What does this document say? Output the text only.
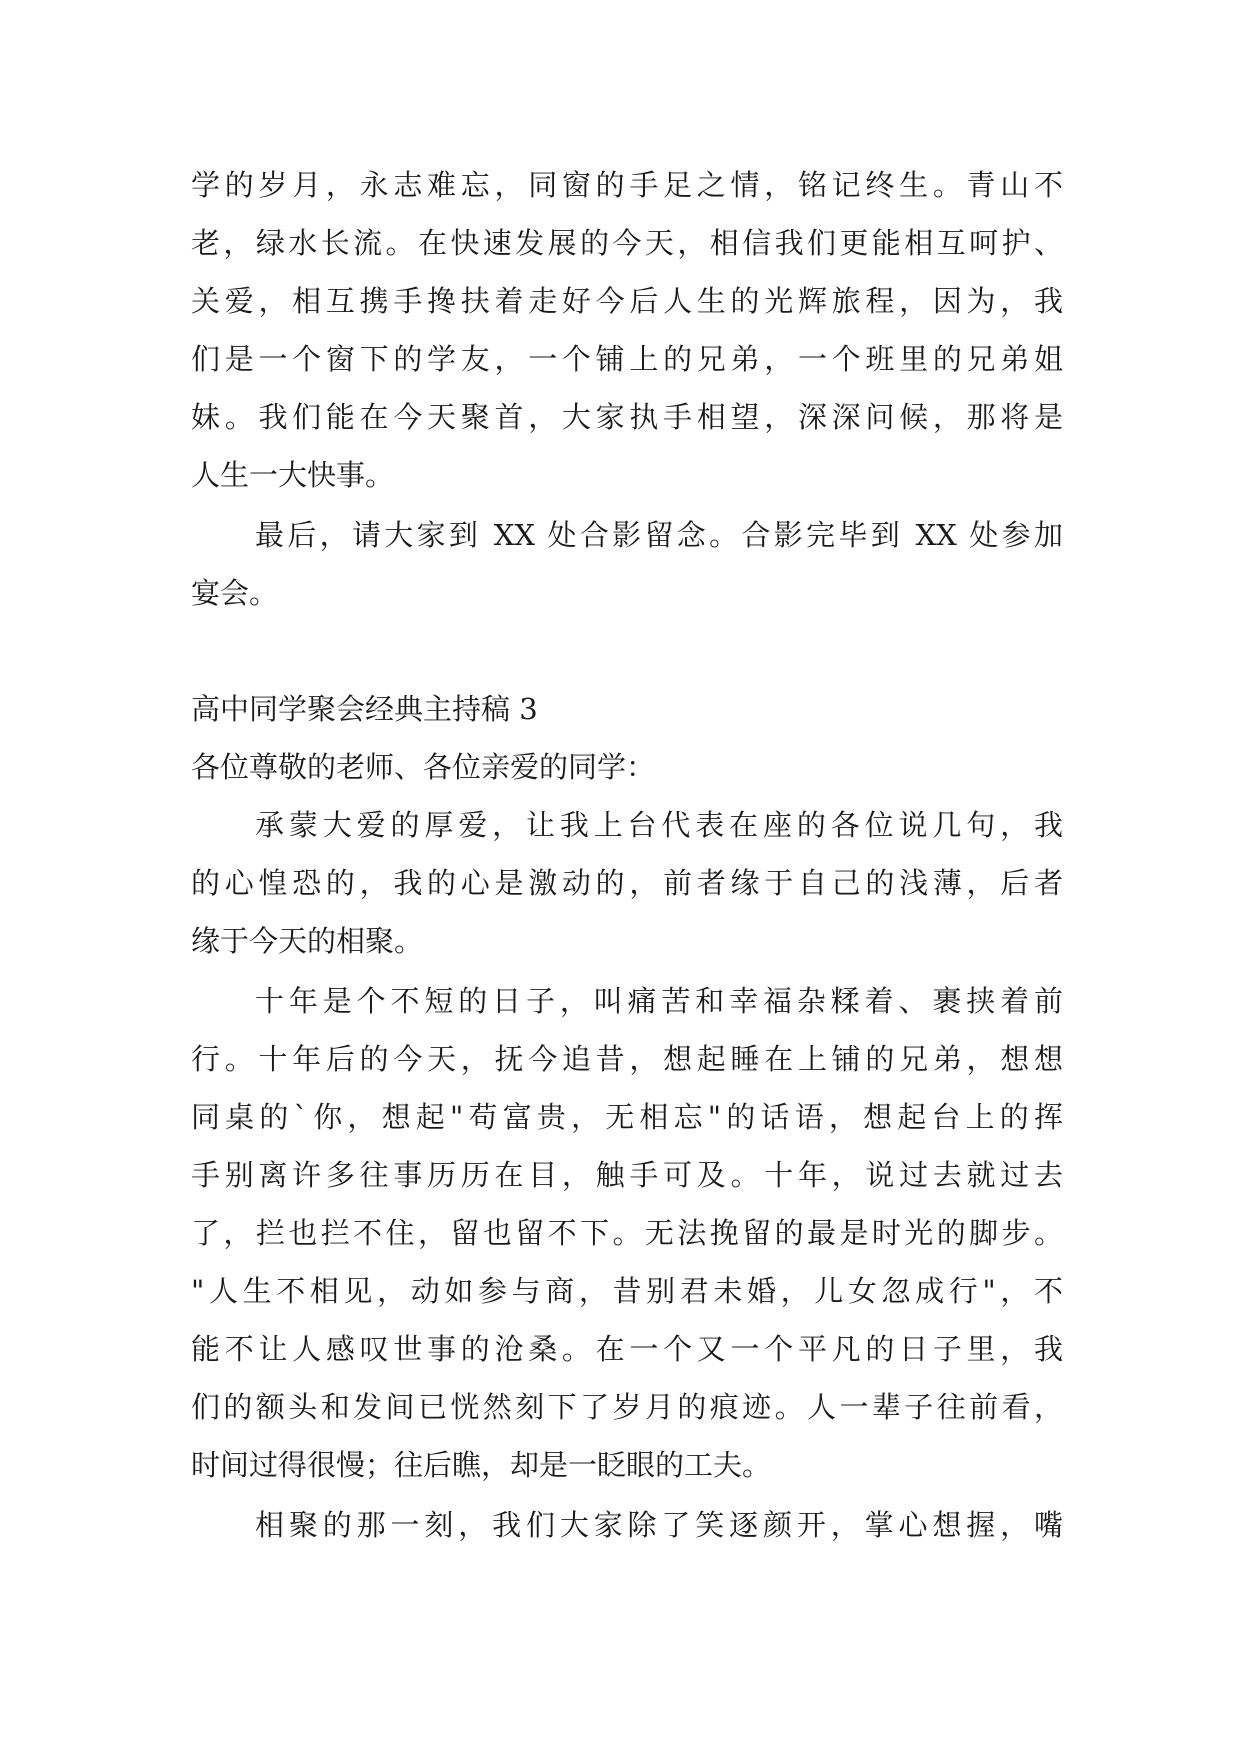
学的岁月，永志难忘，同窗的手足之情，铭记终生。青山不
老，绿水长流。在快速发展的今天，相信我们更能相互呵护、
关爱，相互携手搀扶着走好今后人生的光辉旅程，因为，我
们是一个窗下的学友，一个铺上的兄弟，一个班里的兄弟姐
妹。我们能在今天聚首，大家执手相望，深深问候，那将是
人生一大快事。
最后，请大家到 XX 处合影留念。合影完毕到 XX 处参加
宴会。
高中同学聚会经典主持稿 3
各位尊敬的老师、各位亲爱的同学：
承蒙大爱的厚爱，让我上台代表在座的各位说几句，我
的心惶恐的，我的心是激动的，前者缘于自己的浅薄，后者
缘于今天的相聚。
十年是个不短的日子，叫痛苦和幸福杂糅着、裹挟着前
行。十年后的今天，抚今追昔，想起睡在上铺的兄弟，想想
同桌的`你，想起"苟富贵，无相忘"的话语，想起台上的挥
手别离许多往事历历在目，触手可及。十年，说过去就过去
了，拦也拦不住，留也留不下。无法挽留的最是时光的脚步。
"人生不相见，动如参与商，昔别君未婚，儿女忽成行"，不
能不让人感叹世事的沧桑。在一个又一个平凡的日子里，我
们的额头和发间已恍然刻下了岁月的痕迹。人一辈子往前看，
时间过得很慢；往后瞧，却是一眨眼的工夫。
相聚的那一刻，我们大家除了笑逐颜开，掌心想握，嘴
